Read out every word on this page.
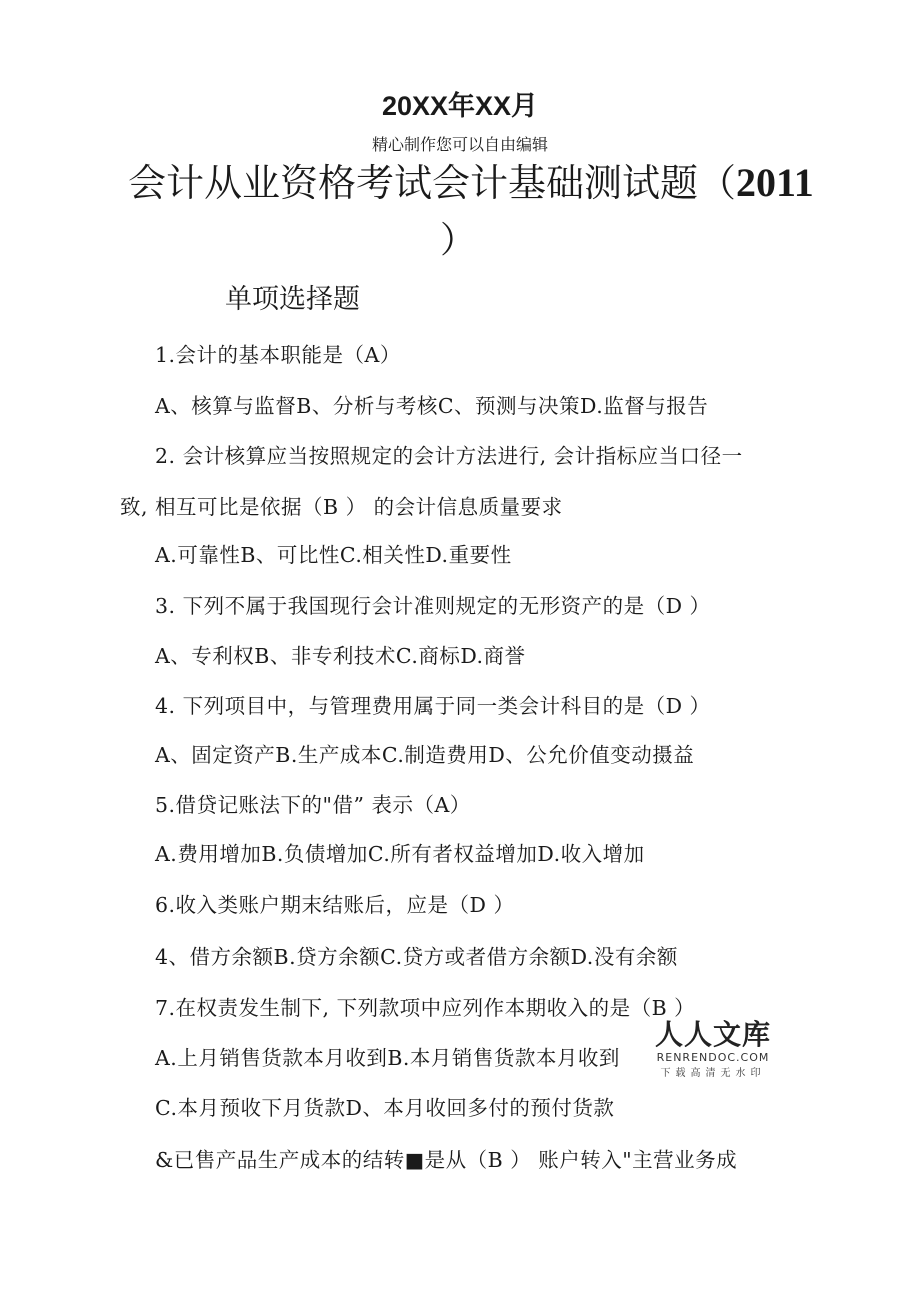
20XX年XX月
精心制作您可以自由编辑
会计从业资格考试会计基础测试题（2011
）
单项选择题
1.会计的基本职能是（A）
A、核算与监督B、分析与考核C、预测与决策D.监督与报告
2. 会计核算应当按照规定的会计方法进行, 会计指标应当口径一
致, 相互可比是依据（B ） 的会计信息质量要求
A.可靠性B、可比性C.相关性D.重要性
3. 下列不属于我国现行会计准则规定的无形资产的是（D ）
A、专利权B、非专利技术C.商标D.商誉
4. 下列项目中，与管理费用属于同一类会计科目的是（D ）
A、固定资产B.生产成本C.制造费用D、公允价值变动摄益
5.借贷记账法下的"借” 表示（A）
A.费用增加B.负债增加C.所有者权益增加D.收入增加
6.收入类账户期末结账后，应是（D ）
4、借方余额B.贷方余额C.贷方或者借方余额D.没有余额
7.在权责发生制下, 下列款项中应列作本期收入的是（B ）
A.上月销售货款本月收到B.本月销售货款本月收到
C.本月预收下月货款D、本月收回多付的预付货款
&已售产品生产成本的结转■是从（B ） 账户转入"主营业务成
人人文库
RENRENDOC.COM
下载高清无水印
